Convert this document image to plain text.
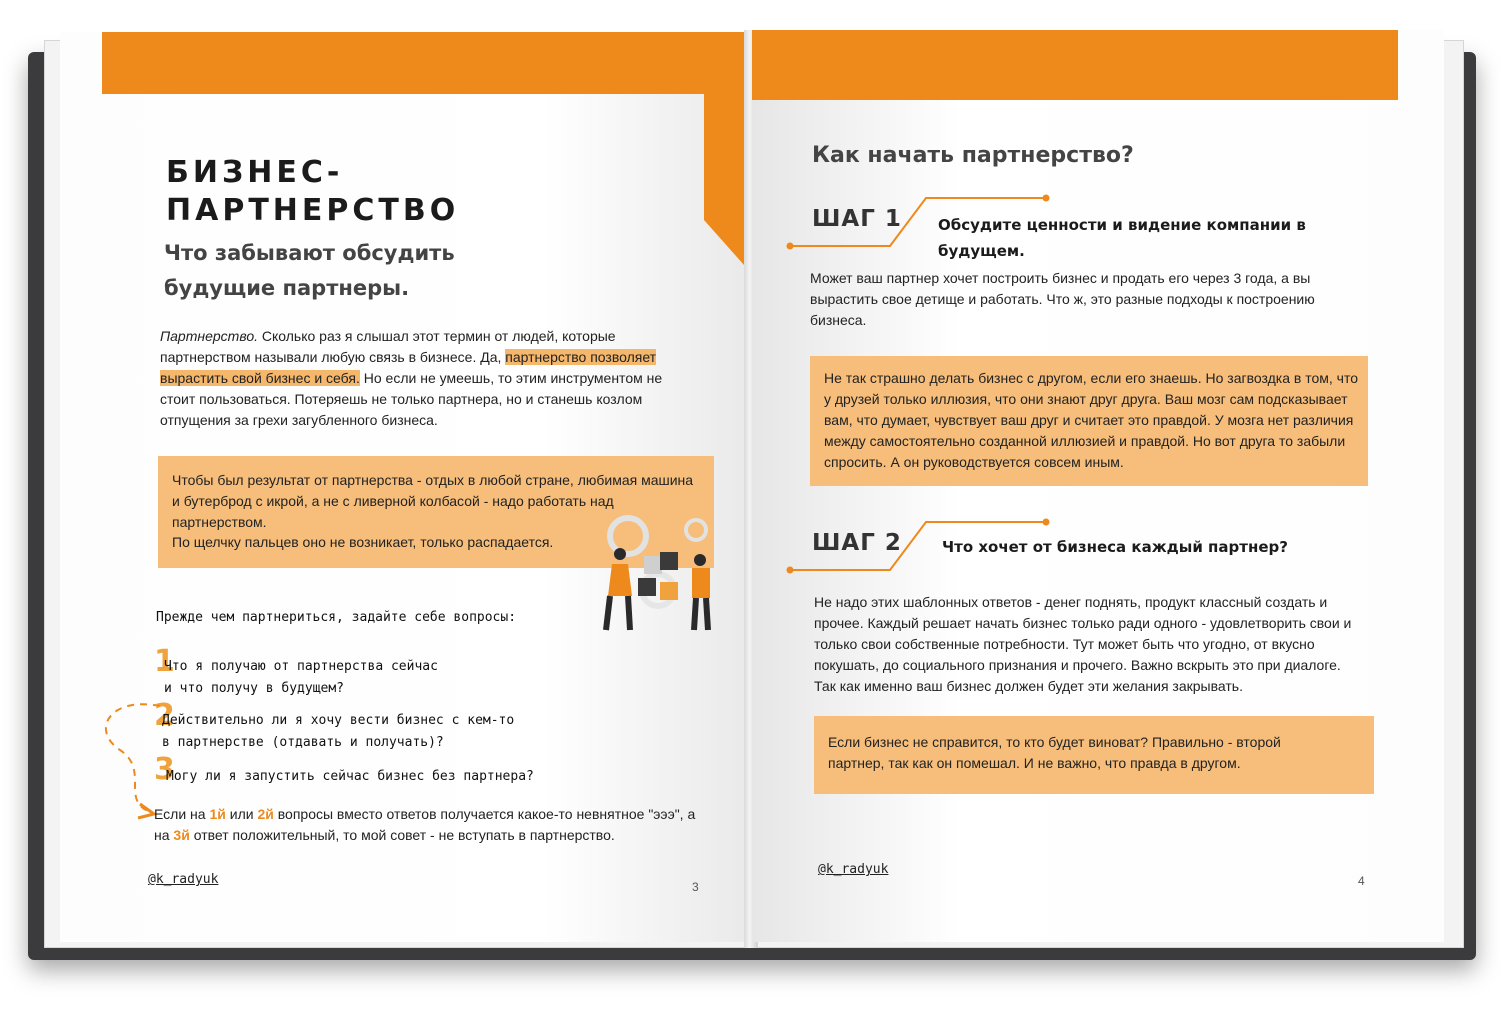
БИЗНЕС-
ПАРТНЕРСТВО
Что забывают обсудить
будущие партнеры.
Партнерство. Сколько раз я слышал этот термин от людей, которые партнерством называли любую связь в бизнесе. Да, партнерство позволяет вырастить свой бизнес и себя. Но если не умеешь, то этим инструментом не стоит пользоваться. Потеряешь не только партнера, но и станешь козлом отпущения за грехи загубленного бизнеса.
Чтобы был результат от партнерства - отдых в любой стране, любимая машина и бутерброд с икрой, а не с ливерной колбасой - надо работать над партнерством.
По щелчку пальцев оно не возникает, только распадается.
Прежде чем партнериться, задайте себе вопросы:
1
Что я получаю от партнерства сейчас
и что получу в будущем?
2
Действительно ли я хочу вести бизнес с кем-то
в партнерстве (отдавать и получать)?
3
Могу ли я запустить сейчас бизнес без партнера?
Если на 1й или 2й вопросы вместо ответов получается какое-то невнятное "эээ", а на 3й ответ положительный, то мой совет - не вступать в партнерство.
@k_radyuk	3
Как начать партнерство?
ШАГ 1 Обсудите ценности и видение компании в
будущем.
Может ваш партнер хочет построить бизнес и продать его через 3 года, а вы вырастить свое детище и работать. Что ж, это разные подходы к построению бизнеса.
Не так страшно делать бизнес с другом, если его знаешь. Но загвоздка в том, что у друзей только иллюзия, что они знают друг друга. Ваш мозг сам подсказывает вам, что думает, чувствует ваш друг и считает это правдой. У мозга нет различия между самостоятельно созданной иллюзией и правдой. Но вот друга то забыли спросить. А он руководствуется совсем иным.
ШАГ 2	Что хочет от бизнеса каждый партнер?
Не надо этих шаблонных ответов - денег поднять, продукт классный создать и прочее. Каждый решает начать бизнес только ради одного - удовлетворить свои и только свои собственные потребности. Тут может быть что угодно, от вкусно покушать, до социального признания и прочего. Важно вскрыть это при диалоге. Так как именно ваш бизнес должен будет эти желания закрывать.
Если бизнес не справится, то кто будет виноват? Правильно - второй партнер, так как он помешал. И не важно, что правда в другом.
@k_radyuk
4
